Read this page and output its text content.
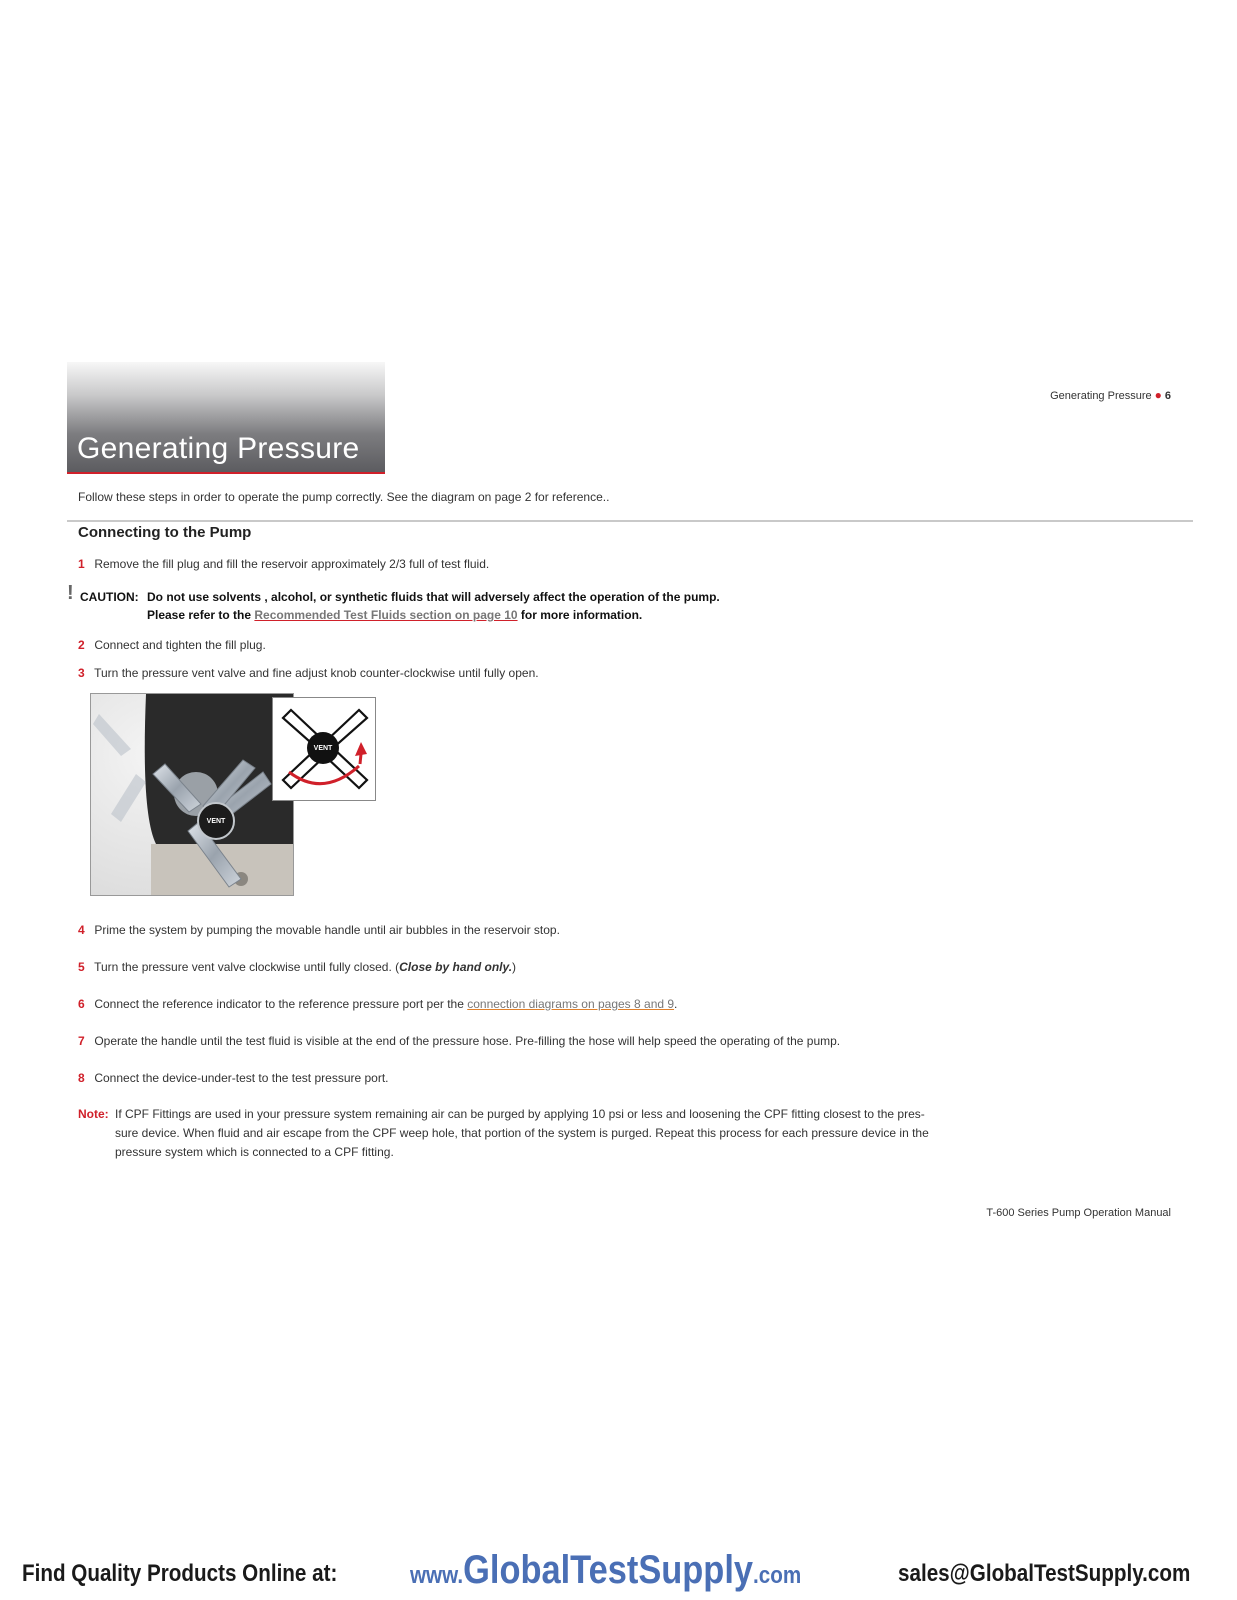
Generating Pressure
Generating Pressure ● 6
Follow these steps in order to operate the pump correctly. See the diagram on page 2 for reference..
Connecting to the Pump
1 Remove the fill plug and fill the reservoir approximately 2/3 full of test fluid.
! CAUTION: Do not use solvents , alcohol, or synthetic fluids that will adversely affect the operation of the pump.
Please refer to the Recommended Test Fluids section on page 10 for more information.
2 Connect and tighten the fill plug.
3 Turn the pressure vent valve and fine adjust knob counter-clockwise until fully open.
VENT
VENT
4 Prime the system by pumping the movable handle until air bubbles in the reservoir stop.
5 Turn the pressure vent valve clockwise until fully closed. (Close by hand only.)
6 Connect the reference indicator to the reference pressure port per the connection diagrams on pages 8 and 9.
7 Operate the handle until the test fluid is visible at the end of the pressure hose. Pre-filling the hose will help speed the operating of the pump.
8 Connect the device-under-test to the test pressure port.
Note: If CPF Fittings are used in your pressure system remaining air can be purged by applying 10 psi or less and loosening the CPF fitting closest to the pres-
sure device. When fluid and air escape from the CPF weep hole, that portion of the system is purged. Repeat this process for each pressure device in the
pressure system which is connected to a CPF fitting.
T-600 Series Pump Operation Manual
Find Quality Products Online at:	www.GlobalTestSupply.com	sales@GlobalTestSupply.com
